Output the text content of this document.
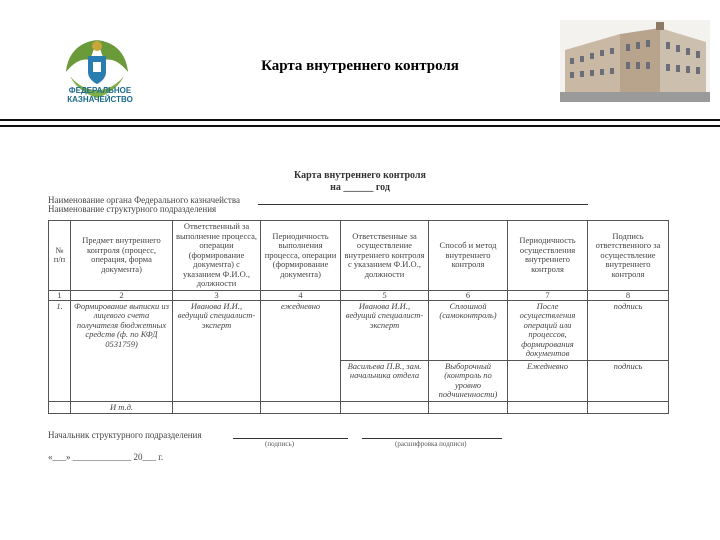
ФЕДЕРАЛЬНОЕ
КАЗНАЧЕЙСТВО
Карта внутреннего контроля
Карта внутреннего контроля
на ______ год
Наименование органа Федерального казначейства
Наименование структурного подразделения
№ п/п	Предмет внутреннего контроля (процесс, операция, форма документа)	Ответственный за выполнение процесса, операции (формирование документа) с указанием Ф.И.О., должности	Периодичность выполнения процесса, операции (формирование документа)	Ответственные за осуществление внутреннего контроля с указанием Ф.И.О., должности	Способ и метод внутреннего контроля	Периодичность осуществления внутреннего контроля	Подпись ответственного за осуществление внутреннего контроля
1	2	3	4	5	6	7	8
1.	Формирование выписки из лицевого счета получателя бюджетных средств (ф. по КФД 0531759)	Иванова И.И., ведущий специалист-эксперт	ежедневно	Иванова И.И., ведущий специалист-эксперт	Сплошной (самоконтроль)	После осуществления операций или процессов, формирования документов	подпись
				Васильева П.В., зам. начальника отдела	Выборочный (контроль по уровню подчиненности)	Ежедневно	подпись
	И т.д.						
Начальник структурного подразделения
(подпись)	(расшифровка подписи)
«___» _____________ 20___ г.
